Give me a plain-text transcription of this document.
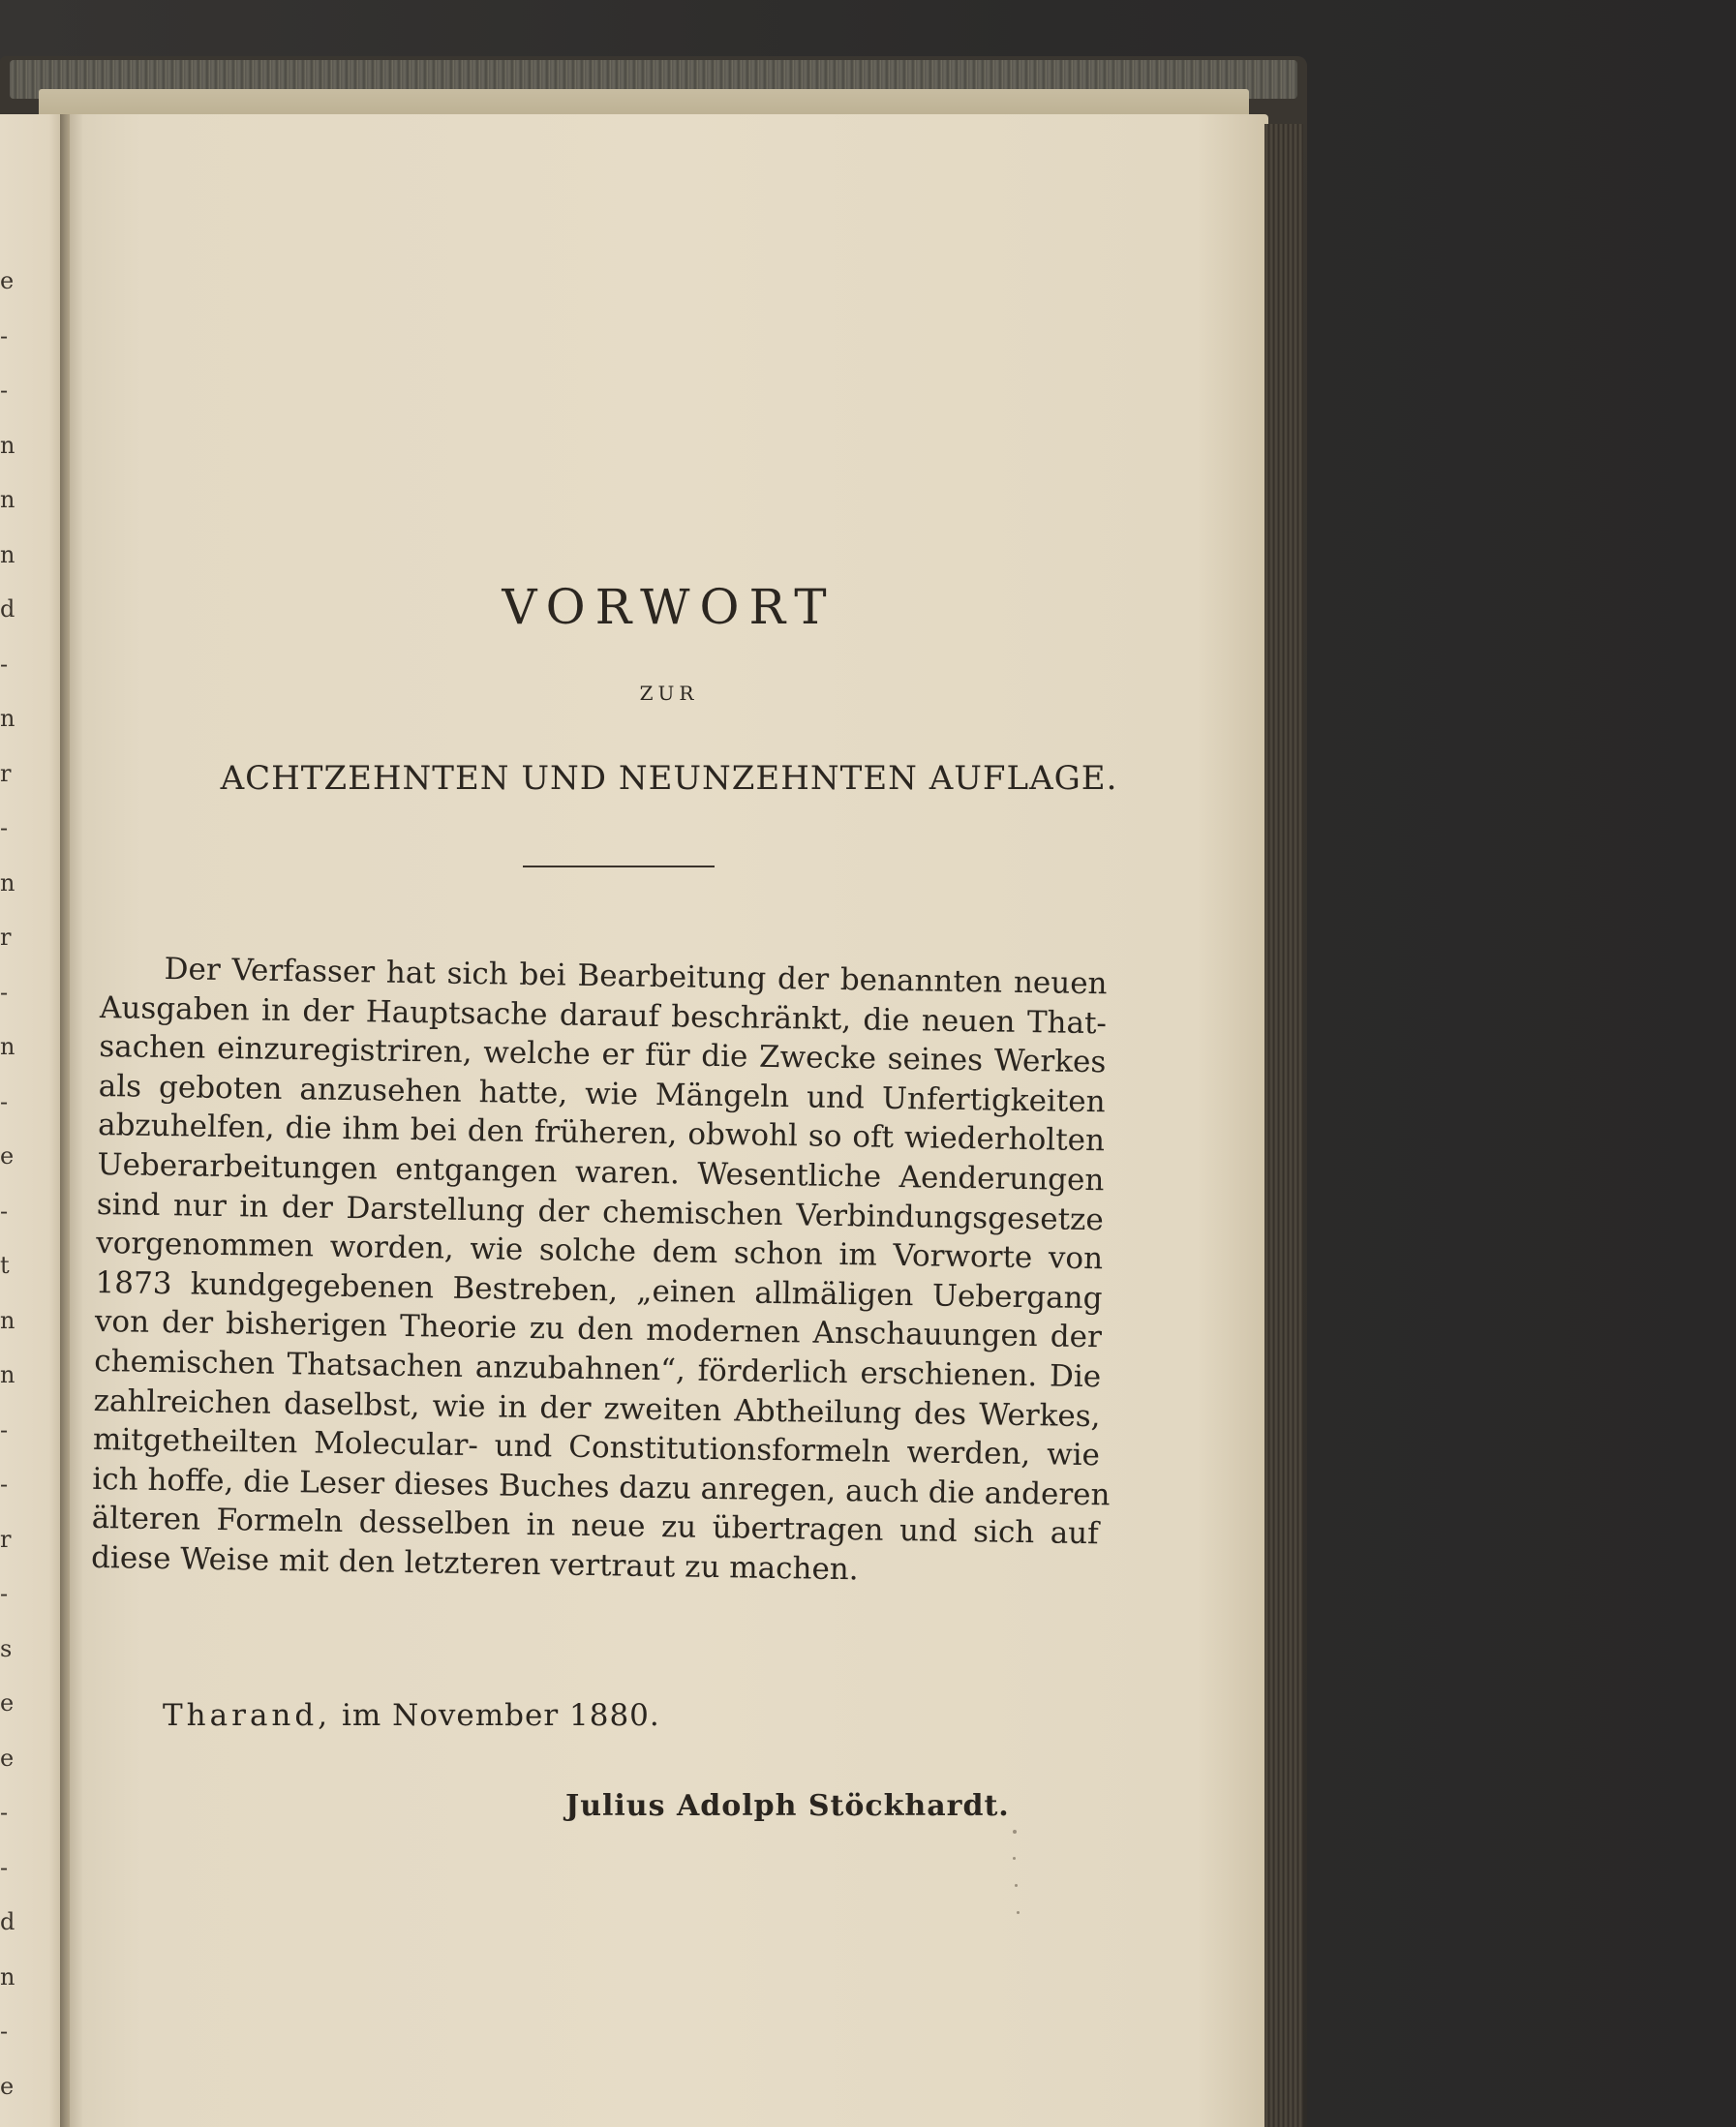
e
-
-
n
n
n
d
-
n
r
-
n
r
-
n
-
e
-
t
n
n
-
-
r
-
s
e
e
-
-
d
n
-
e
VORWORT
ZUR
ACHTZEHNTEN UND NEUNZEHNTEN AUFLAGE.
Der Verfasser hat sich bei Bearbeitung der benannten neuen
Ausgaben in der Hauptsache darauf beschränkt, die neuen That-
sachen einzuregistriren, welche er für die Zwecke seines Werkes
als geboten anzusehen hatte, wie Mängeln und Unfertigkeiten
abzuhelfen, die ihm bei den früheren, obwohl so oft wiederholten
Ueberarbeitungen entgangen waren. Wesentliche Aenderungen
sind nur in der Darstellung der chemischen Verbindungsgesetze
vorgenommen worden, wie solche dem schon im Vorworte von
1873 kundgegebenen Bestreben, „einen allmäligen Uebergang
von der bisherigen Theorie zu den modernen Anschauungen der
chemischen Thatsachen anzubahnen“, förderlich erschienen. Die
zahlreichen daselbst, wie in der zweiten Abtheilung des Werkes,
mitgetheilten Molecular- und Constitutionsformeln werden, wie
ich hoffe, die Leser dieses Buches dazu anregen, auch die anderen
älteren Formeln desselben in neue zu übertragen und sich auf
diese Weise mit den letzteren vertraut zu machen.
Tharand, im November 1880.
Julius Adolph Stöckhardt.
